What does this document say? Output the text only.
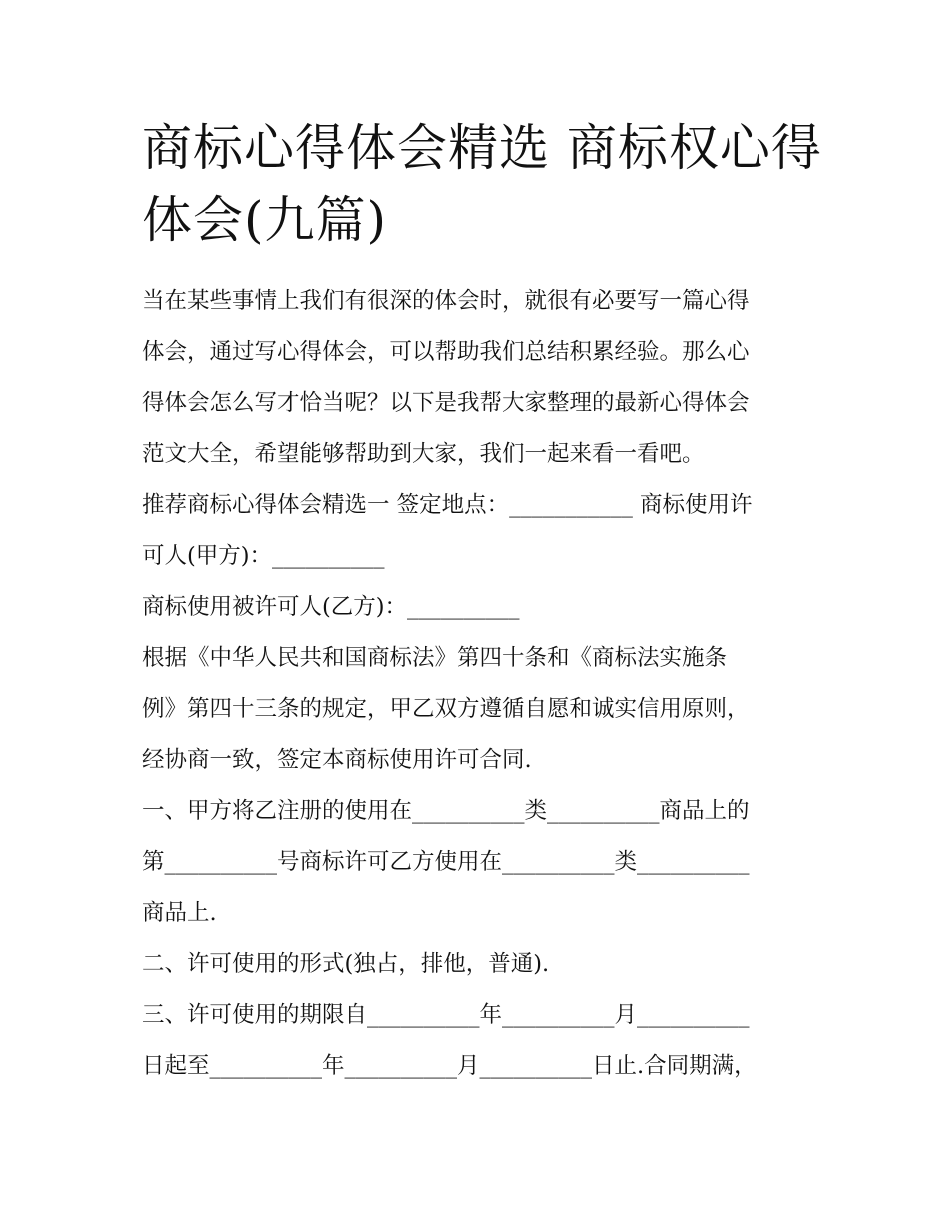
商标心得体会精选 商标权心得
体会(九篇)
当在某些事情上我们有很深的体会时，就很有必要写一篇心得
体会，通过写心得体会，可以帮助我们总结积累经验。那么心
得体会怎么写才恰当呢？以下是我帮大家整理的最新心得体会
范文大全，希望能够帮助到大家，我们一起来看一看吧。
推荐商标心得体会精选一 签定地点：___________ 商标使用许
可人(甲方)：__________
商标使用被许可人(乙方)：__________
根据《中华人民共和国商标法》第四十条和《商标法实施条
例》第四十三条的规定，甲乙双方遵循自愿和诚实信用原则，
经协商一致，签定本商标使用许可合同.
一、甲方将乙注册的使用在__________类__________商品上的
第__________号商标许可乙方使用在__________类__________
商品上.
二、许可使用的形式(独占，排他，普通).
三、许可使用的期限自__________年__________月__________
日起至__________年__________月__________日止.合同期满，
